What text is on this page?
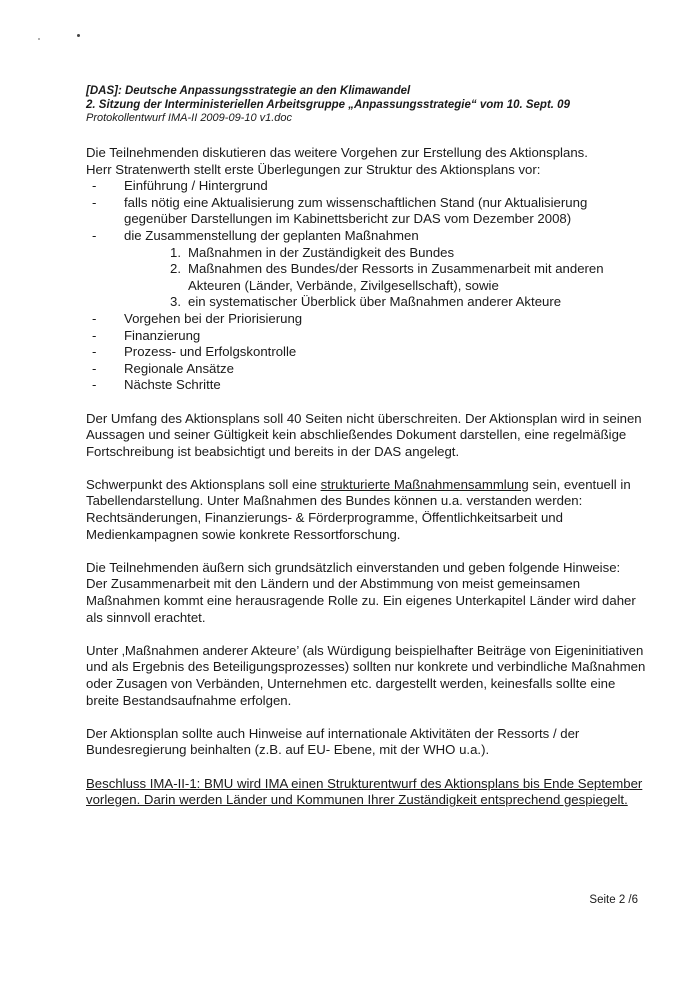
[DAS]: Deutsche Anpassungsstrategie an den Klimawandel
2. Sitzung der Interministeriellen Arbeitsgruppe „Anpassungsstrategie“ vom 10. Sept. 09
Protokollentwurf IMA-II 2009-09-10 v1.doc

Die Teilnehmenden diskutieren das weitere Vorgehen zur Erstellung des Aktionsplans.

Herr Stratenwerth stellt erste Überlegungen zur Struktur des Aktionsplans vor:

- Einführung / Hintergrund
- falls nötig eine Aktualisierung zum wissenschaftlichen Stand (nur Aktualisierung gegenüber Darstellungen im Kabinettsbericht zur DAS vom Dezember 2008)
- die Zusammenstellung der geplanten Maßnahmen
1. Maßnahmen in der Zuständigkeit des Bundes
2. Maßnahmen des Bundes/der Ressorts in Zusammenarbeit mit anderen Akteuren (Länder, Verbände, Zivilgesellschaft), sowie
3. ein systematischer Überblick über Maßnahmen anderer Akteure
- Vorgehen bei der Priorisierung
- Finanzierung
- Prozess- und Erfolgskontrolle
- Regionale Ansätze
- Nächste Schritte

Der Umfang des Aktionsplans soll 40 Seiten nicht überschreiten. Der Aktionsplan wird in seinen Aussagen und seiner Gültigkeit kein abschließendes Dokument darstellen, eine regelmäßige Fortschreibung ist beabsichtigt und bereits in der DAS angelegt.

Schwerpunkt des Aktionsplans soll eine strukturierte Maßnahmensammlung sein, eventuell in Tabellendarstellung. Unter Maßnahmen des Bundes können u.a. verstanden werden: Rechtsänderungen, Finanzierungs- & Förderprogramme, Öffentlichkeitsarbeit und Medienkampagnen sowie konkrete Ressortforschung.

Die Teilnehmenden äußern sich grundsätzlich einverstanden und geben folgende Hinweise:

Der Zusammenarbeit mit den Ländern und der Abstimmung von meist gemeinsamen Maßnahmen kommt eine herausragende Rolle zu. Ein eigenes Unterkapitel Länder wird daher als sinnvoll erachtet.

Unter ‚Maßnahmen anderer Akteure’ (als Würdigung beispielhafter Beiträge von Eigeninitiativen und als Ergebnis des Beteiligungsprozesses) sollten nur konkrete und verbindliche Maßnahmen oder Zusagen von Verbänden, Unternehmen etc. dargestellt werden, keinesfalls sollte eine breite Bestandsaufnahme erfolgen.

Der Aktionsplan sollte auch Hinweise auf internationale Aktivitäten der Ressorts / der Bundesregierung beinhalten (z.B. auf EU- Ebene, mit der WHO u.a.).

Beschluss IMA-II-1: BMU wird IMA einen Strukturentwurf des Aktionsplans bis Ende September vorlegen. Darin werden Länder und Kommunen Ihrer Zuständigkeit entsprechend gespiegelt.

Seite 2 /6
